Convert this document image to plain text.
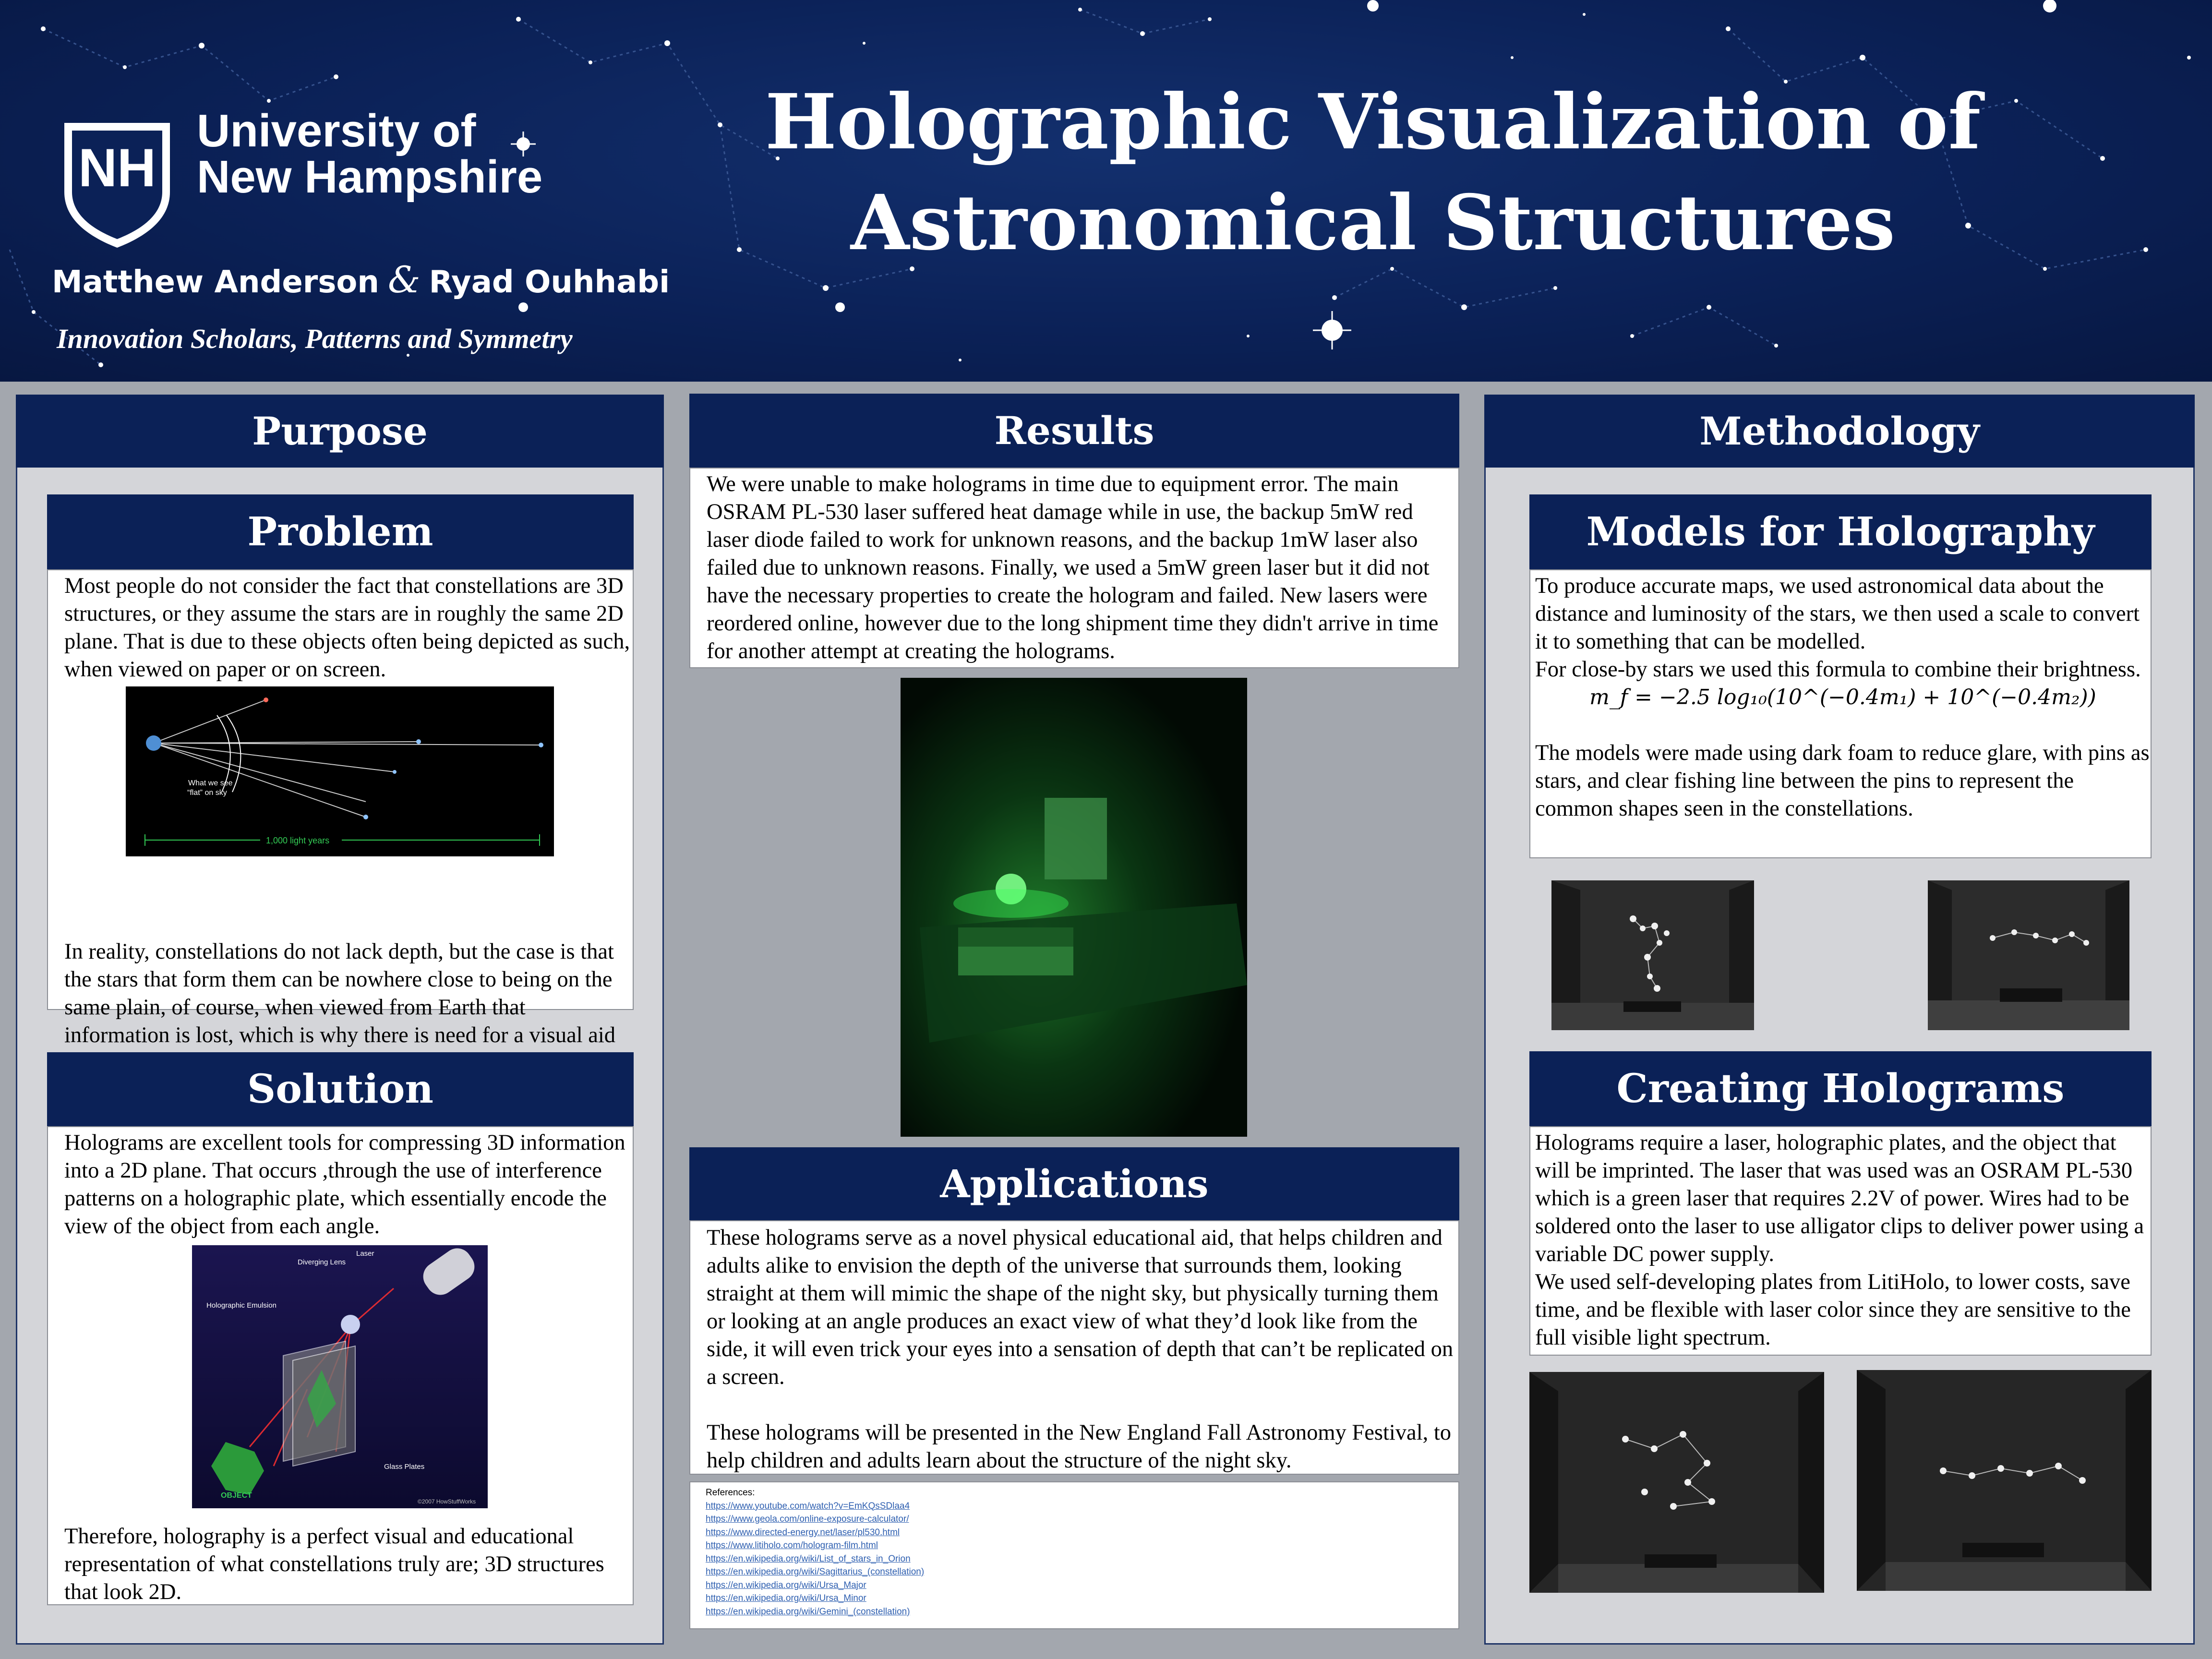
NH
University of
New Hampshire
Matthew Anderson & Ryad Ouhhabi
Innovation Scholars, Patterns and Symmetry
Holographic Visualization of
Astronomical Structures
Purpose
Problem

Most people do not consider the fact that constellations are 3D structures, or they assume the stars are in roughly the same 2D plane. That is due to these objects often being depicted as such, when viewed on paper or on screen.

In reality, constellations do not lack depth, but the case is that the stars that form them can be nowhere close to being on the same plain, of course, when viewed from Earth that information is lost, which is why there is need for a visual aid

What we see
“flat” on sky
1,000 light years
Solution

Holograms are excellent tools for compressing 3D information into a 2D plane. That occurs ,through the use of interference patterns on a holographic plate, which essentially encode the view of the object from each angle.

Therefore, holography is a perfect visual and educational representation of what constellations truly are; 3D structures that look 2D.

Laser
Diverging Lens
Holographic Emulsion
Glass Plates
OBJECT
©2007 HowStuffWorks
Results

We were unable to make holograms in time due to equipment error. The main OSRAM PL-530 laser suffered heat damage while in use, the backup 5mW red laser diode failed to work for unknown reasons, and the backup 1mW laser also failed due to unknown reasons. Finally, we used a 5mW green laser but it did not have the necessary properties to create the hologram and failed. New lasers were reordered online, however due to the long shipment time they didn't arrive in time for another attempt at creating the holograms.

Applications

These holograms serve as a novel physical educational aid, that helps children and adults alike to envision the depth of the universe that surrounds them, looking straight at them will mimic the shape of the night sky, but physically turning them or looking at an angle produces an exact view of what they’d look like from the side, it will even trick your eyes into a sensation of depth that can’t be replicated on a screen.

These holograms will be presented in the New England Fall Astronomy Festival, to help children and adults learn about the structure of the night sky.

References:
https://www.youtube.com/watch?v=EmKQsSDlaa4
https://www.geola.com/online-exposure-calculator/
https://www.directed-energy.net/laser/pl530.html
https://www.litiholo.com/hologram-film.html
https://en.wikipedia.org/wiki/List_of_stars_in_Orion
https://en.wikipedia.org/wiki/Sagittarius_(constellation)
https://en.wikipedia.org/wiki/Ursa_Major
https://en.wikipedia.org/wiki/Ursa_Minor
https://en.wikipedia.org/wiki/Gemini_(constellation)
Methodology
Models for Holography

To produce accurate maps, we used astronomical data about the distance and luminosity of the stars, we then used a scale to convert it to something that can be modelled.

For close-by stars we used this formula to combine their brightness.

m_f = −2.5 log₁₀(10^(−0.4m₁) + 10^(−0.4m₂))

The models were made using dark foam to reduce glare, with pins as stars, and clear fishing line between the pins to represent the common shapes seen in the constellations.

Creating Holograms

Holograms require a laser, holographic plates, and the object that will be imprinted. The laser that was used was an OSRAM PL-530 which is a green laser that requires 2.2V of power. Wires had to be soldered onto the laser to use alligator clips to deliver power using a variable DC power supply.

We used self-developing plates from LitiHolo, to lower costs, save time, and be flexible with laser color since they are sensitive to the full visible light spectrum.
